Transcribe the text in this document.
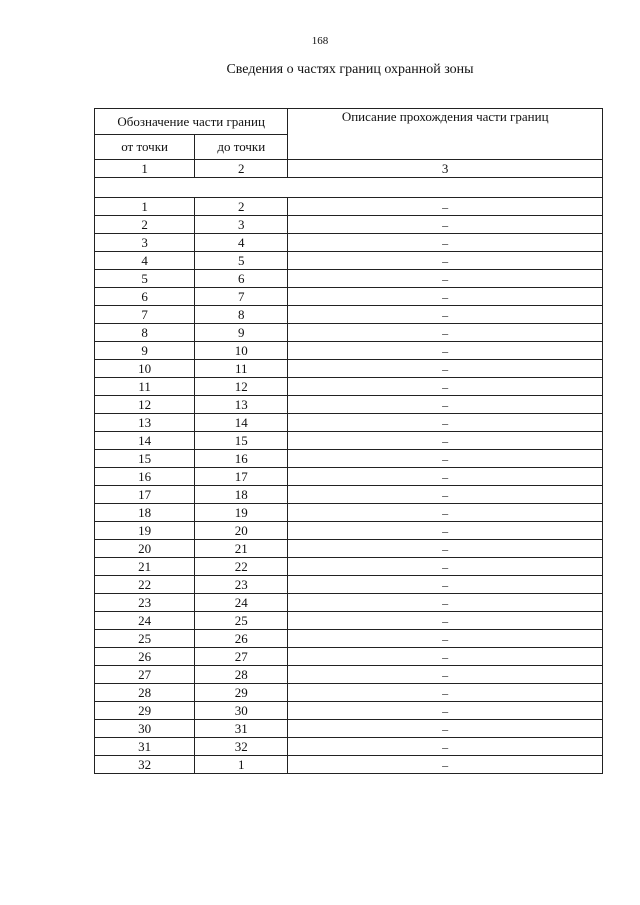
168
Сведения о частях границ охранной зоны
Обозначение части границ		Описание прохождения части границ
от точки	до точки	
1	2	3

1	2	–
2	3	–
3	4	–
4	5	–
5	6	–
6	7	–
7	8	–
8	9	–
9	10	–
10	11	–
11	12	–
12	13	–
13	14	–
14	15	–
15	16	–
16	17	–
17	18	–
18	19	–
19	20	–
20	21	–
21	22	–
22	23	–
23	24	–
24	25	–
25	26	–
26	27	–
27	28	–
28	29	–
29	30	–
30	31	–
31	32	–
32	1	–
